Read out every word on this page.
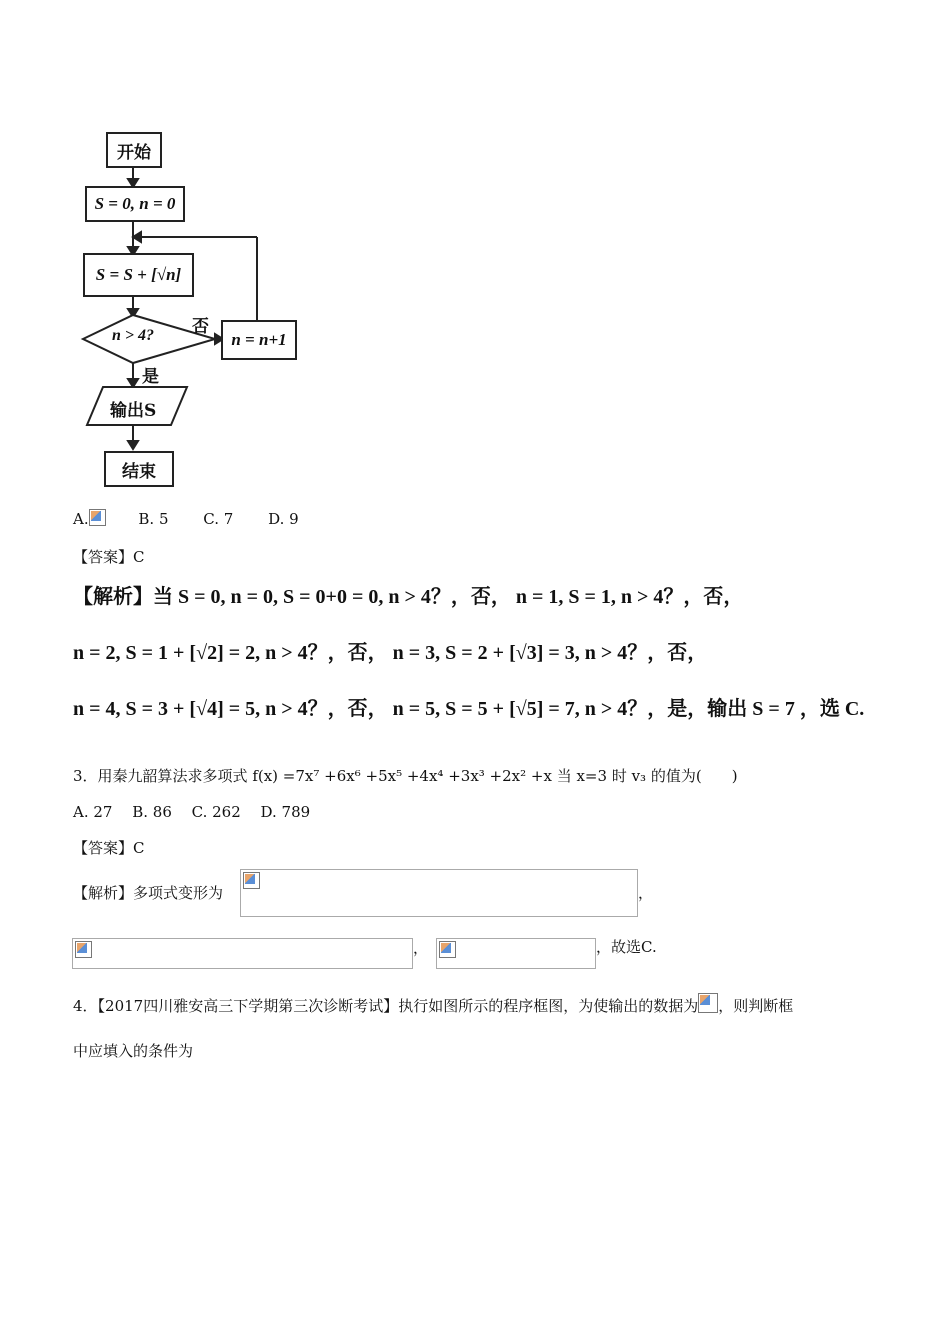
开始
S = 0, n = 0
S = S + [√n]
n > 4? 否
n = n+1
是
输出S
结束
A.	B. 5 C. 7 D. 9
【答案】C
【解析】当 S = 0, n = 0, S = 0+0 = 0, n > 4？，否， n = 1, S = 1, n > 4？，否，
n = 2, S = 1 + [√2] = 2, n > 4？，否， n = 3, S = 2 + [√3] = 3, n > 4？，否，
n = 4, S = 3 + [√4] = 5, n > 4？，否， n = 5, S = 5 + [√5] = 7, n > 4？，是，输出 S = 7 ，选 C.
3．用秦九韶算法求多项式 f(x) =7x⁷ +6x⁶ +5x⁵ +4x⁴ +3x³ +2x² +x 当 x=3 时 v₃ 的值为(　　)
A. 27　 B. 86　 C. 262　 D. 789
【答案】C
【解析】多项式变形为	，
，	，故选C.
4．【2017四川雅安高三下学期第三次诊断考试】执行如图所示的程序框图，为使输出的数据为 ，则判断框
中应填入的条件为
